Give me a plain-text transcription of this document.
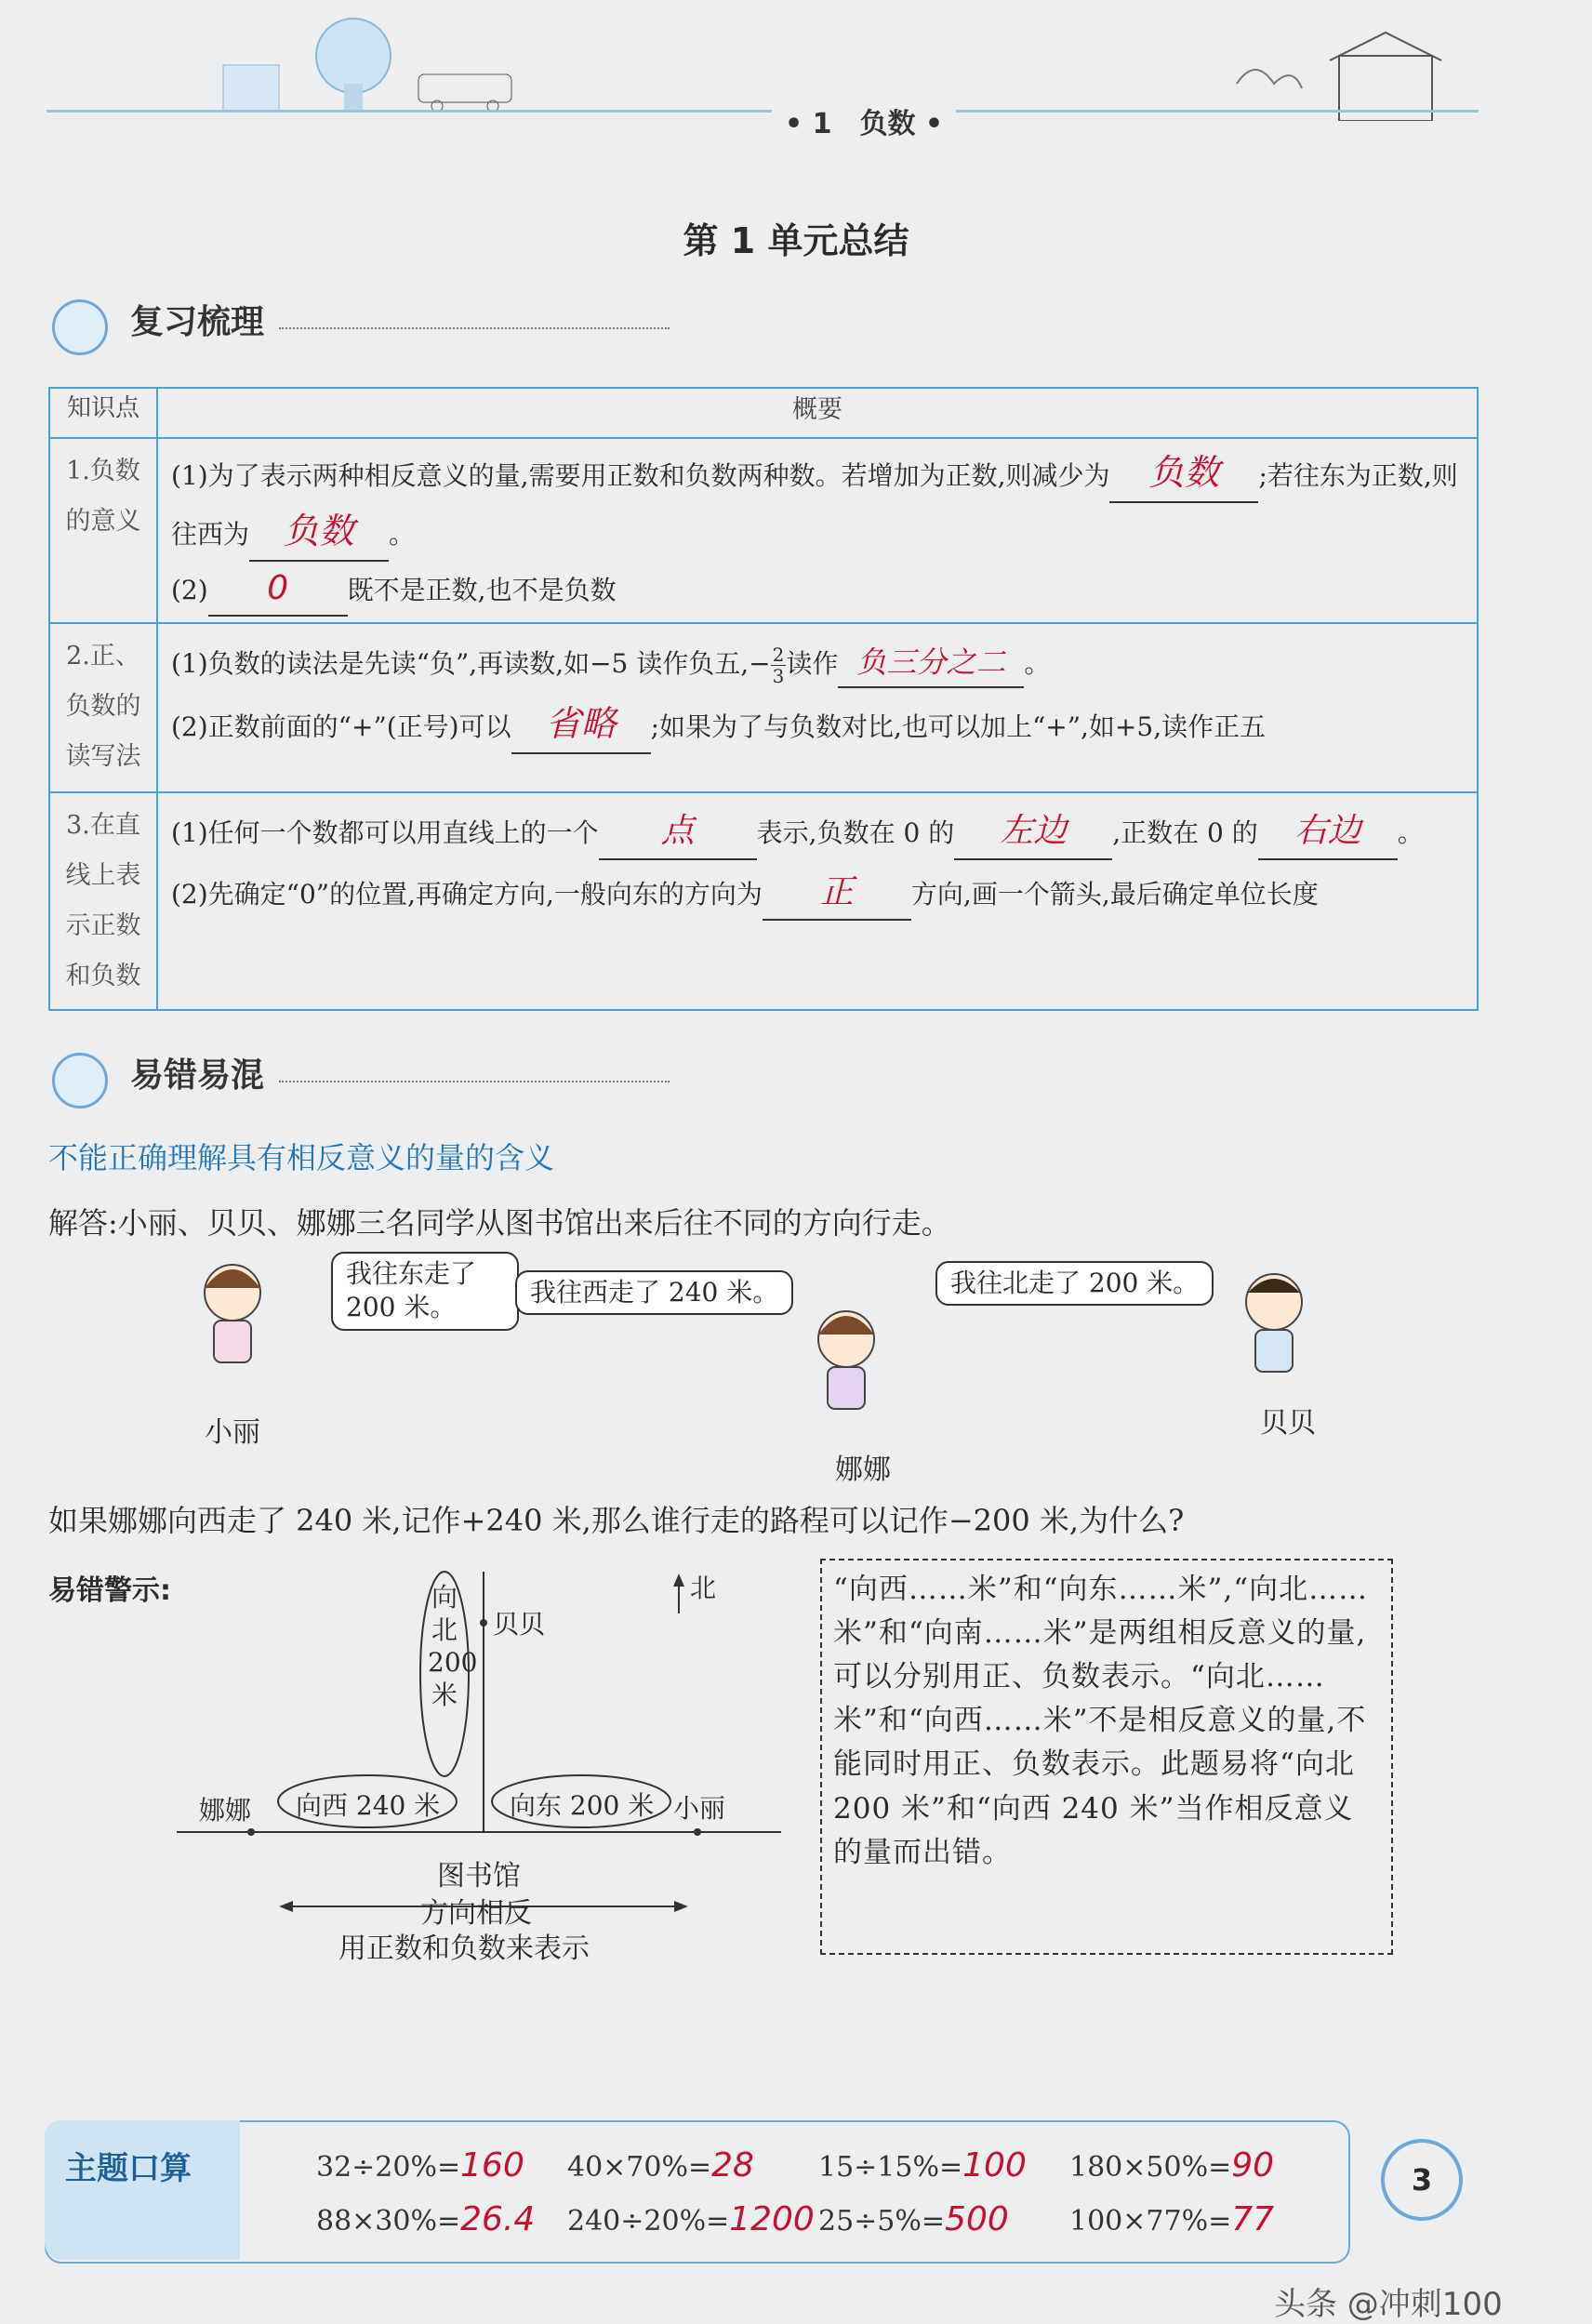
• 1　负数 •
第 1 单元总结
复习梳理
知识点	概要
1.负数的意义	(1)为了表示两种相反意义的量,需要用正数和负数两种数。若增加为正数,则减少为 负数 ;若往东为正数,则往西为 负数 。
(2) 0 既不是正数,也不是负数

2.正、负数的读写法	(1)负数的读法是先读“负”,再读数,如−5 读作负五,− $\frac{2}{3}$ 读作 负三分之二 。
(2)正数前面的“+”(正号)可以 省略 ;如果为了与负数对比,也可以加上“+”,如+5,读作正五

3.在直线上表示正数和负数	(1)任何一个数都可以用直线上的一个 点 表示,负数在 0 的 左边 ,正数在 0 的 右边 。
(2)先确定“0”的位置,再确定方向,一般向东的方向为 正 方向,画一个箭头,最后确定单位长度
易错易混
不能正确理解具有相反意义的量的含义
解答:小丽、贝贝、娜娜三名同学从图书馆出来后往不同的方向行走。
我往东走了200 米。
小丽
我往西走了 240 米。
娜娜
我往北走了 200 米。
贝贝
如果娜娜向西走了 240 米,记作+240 米,那么谁行走的路程可以记作−200 米,为什么?
易错警示:	向北 200 米
贝贝
北
向西 240 米	向东 200 米
娜娜	小丽
图书馆
方向相反
用正数和负数来表示
“向西……米”和“向东……米”,“向北……米”和“向南……米”是两组相反意义的量,可以分别用正、负数表示。“向北……米”和“向西……米”不是相反意义的量,不能同时用正、负数表示。此题易将“向北 200 米”和“向西 240 米”当作相反意义的量而出错。
主题口算	32÷20%=160 40×70%=28 15÷15%=100 180×50%=90
88×30%=26.4 240÷20%=1200 25÷5%=500 100×77%=77
3
头条 @冲刺100
